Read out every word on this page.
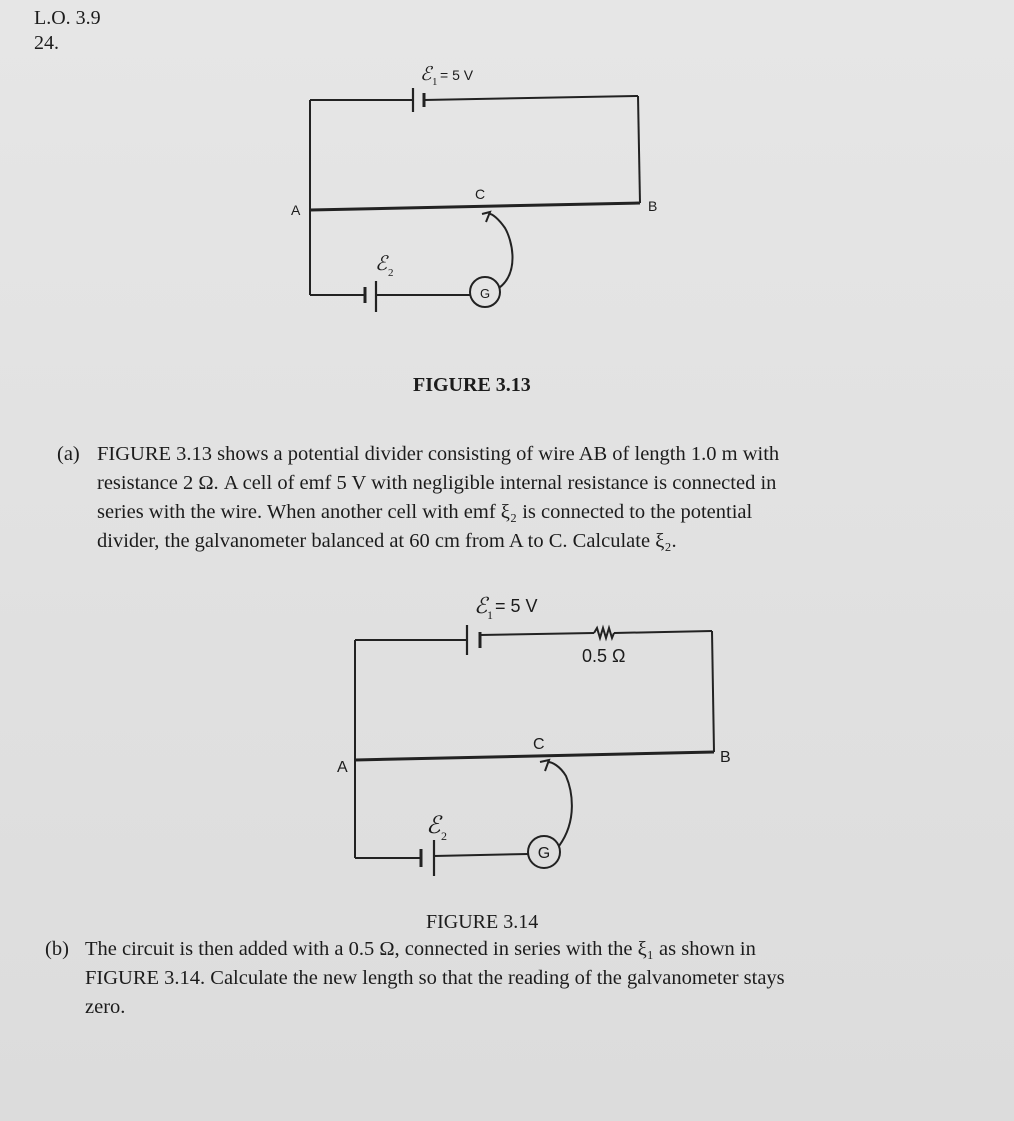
L.O. 3.9
24.
ℰ 1 = 5 V
A	B
C
ℰ 2
G
FIGURE 3.13
(a) FIGURE 3.13 shows a potential divider consisting of wire AB of length 1.0 m with
resistance 2 Ω. A cell of emf 5 V with negligible internal resistance is connected in
series with the wire. When another cell with emf ξ₂ is connected to the potential
divider, the galvanometer balanced at 60 cm from A to C. Calculate ξ₂.
ℰ 1 = 5 V
0.5 Ω
A
B
C
ℰ 2
G
FIGURE 3.14
(b) The circuit is then added with a 0.5 Ω, connected in series with the ξ₁ as shown in
FIGURE 3.14. Calculate the new length so that the reading of the galvanometer stays
zero.
